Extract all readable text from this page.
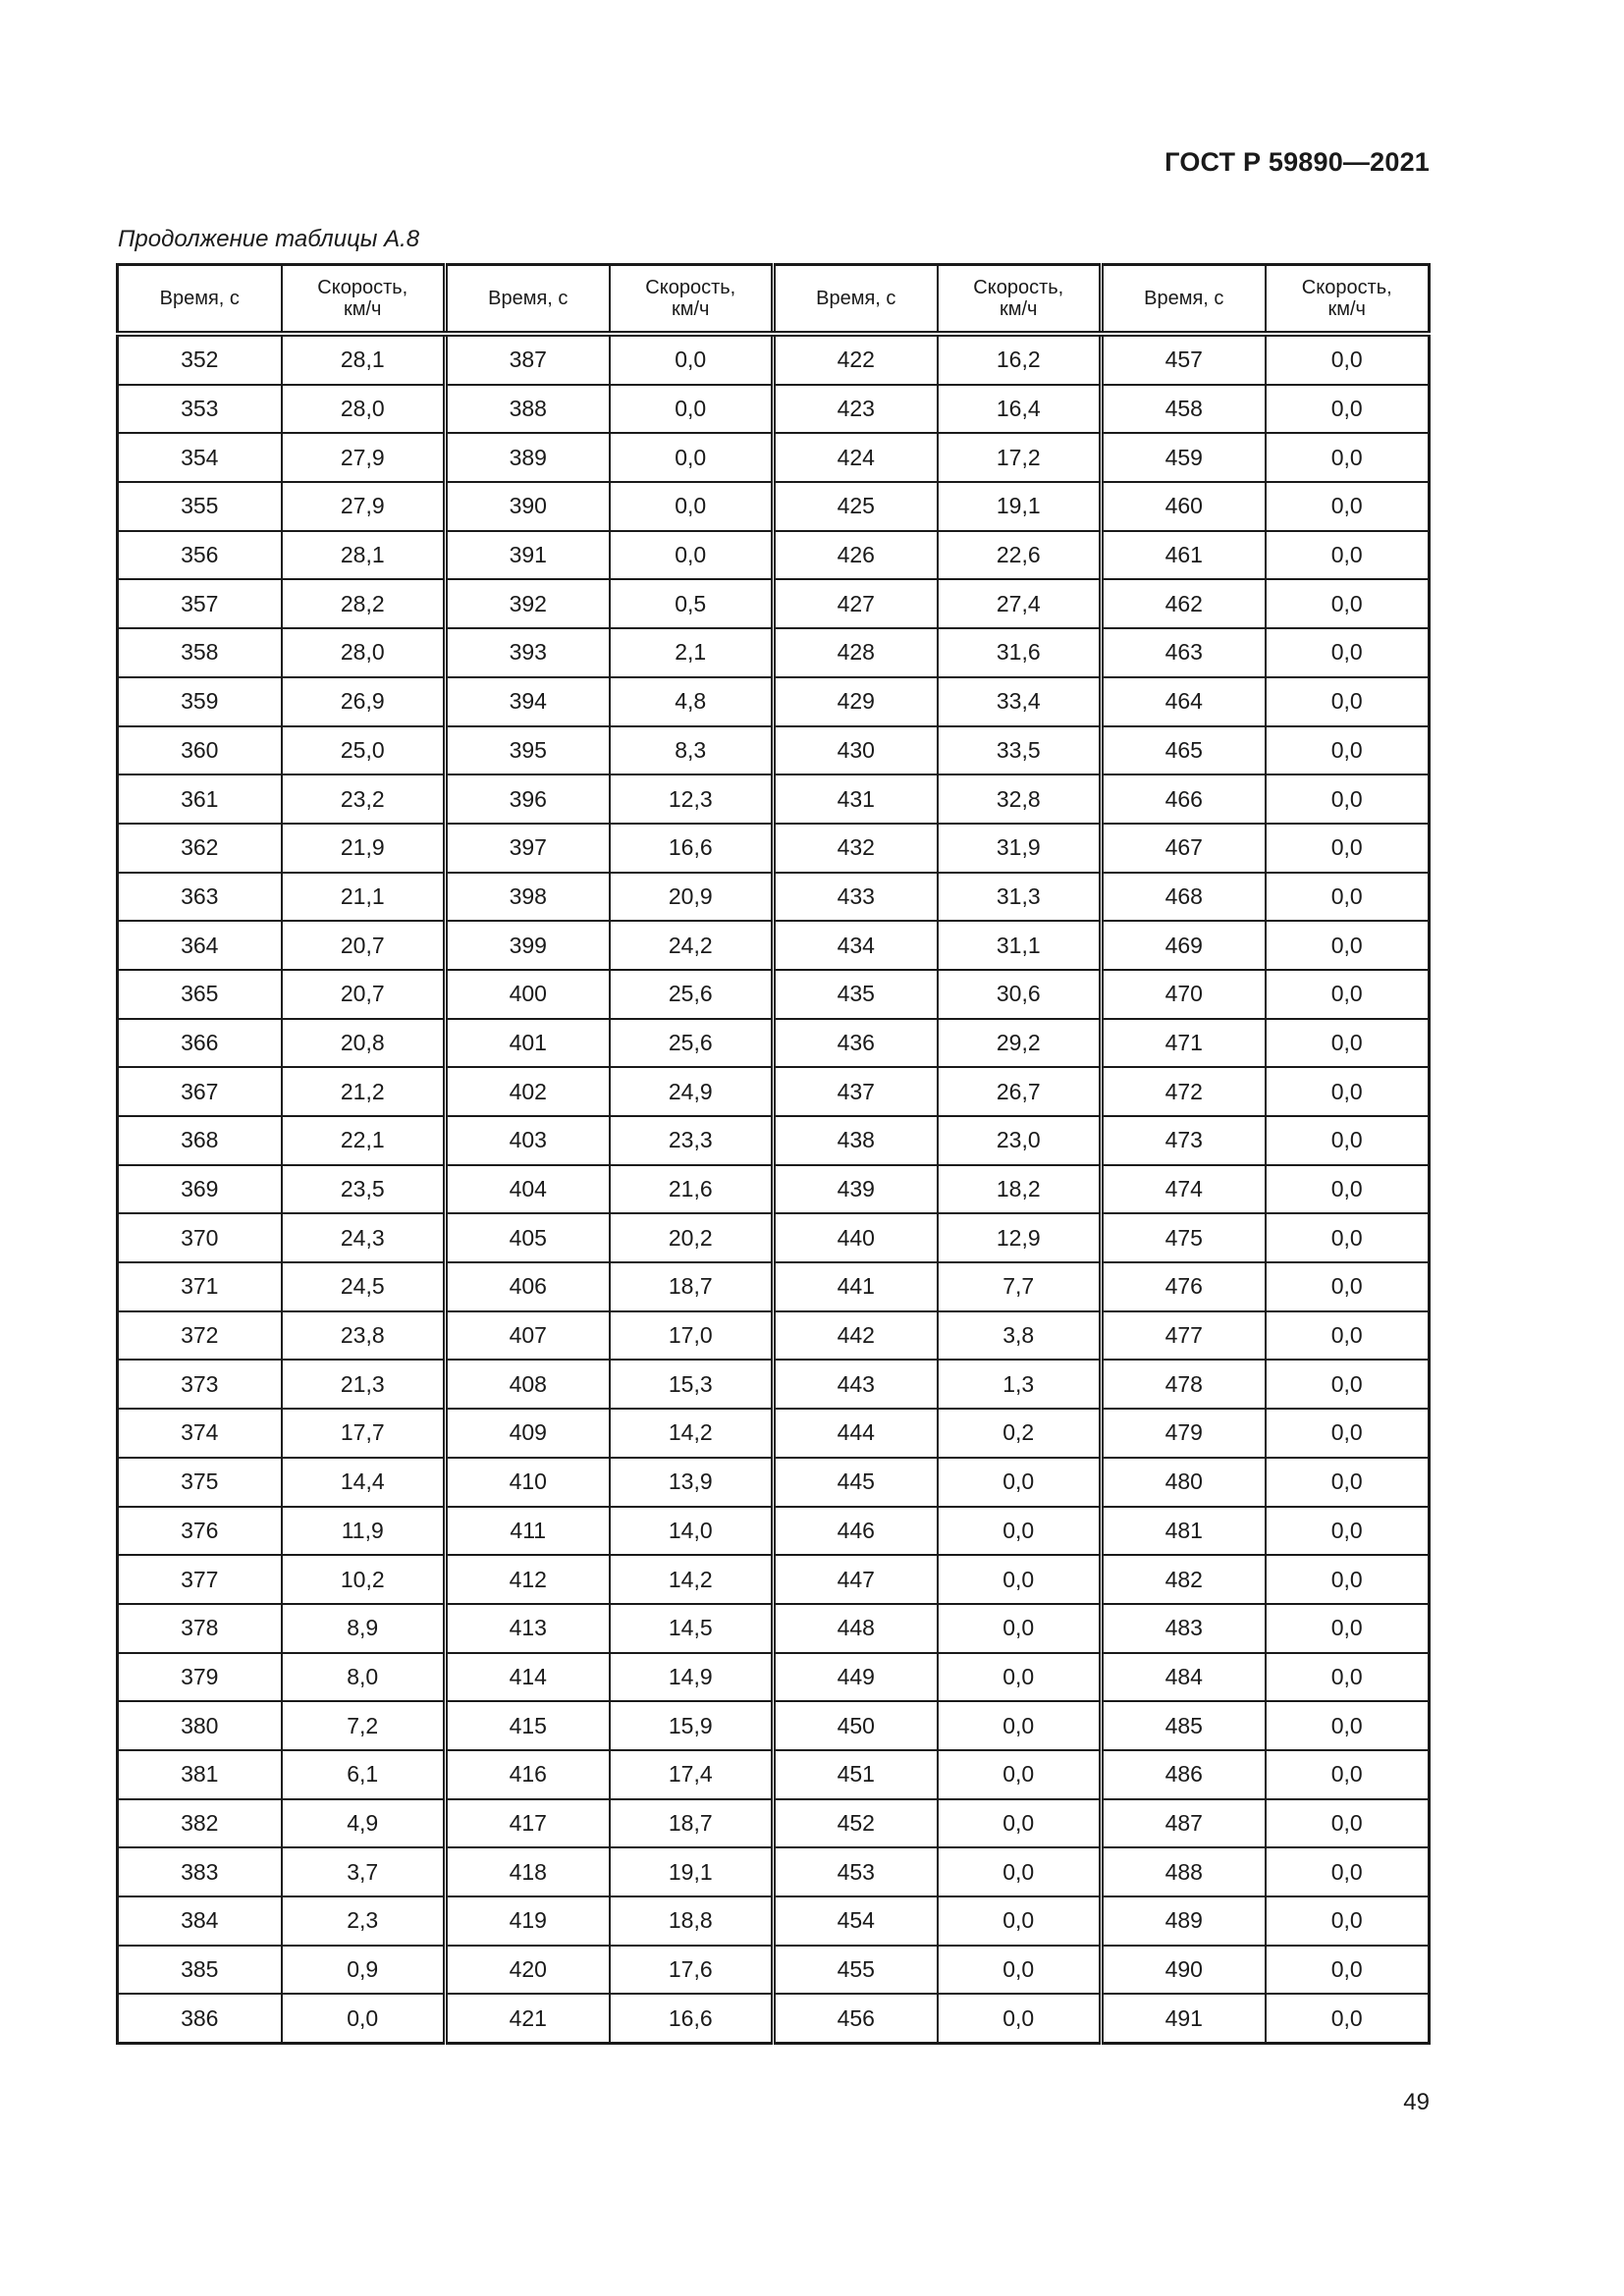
ГОСТ Р 59890—2021
Продолжение таблицы А.8
Время, с	Скорость,
км/ч	Время, с	Скорость,
км/ч	Время, с	Скорость,
км/ч	Время, с	Скорость,
км/ч
352	28,1	387	0,0	422	16,2	457	0,0
353	28,0	388	0,0	423	16,4	458	0,0
354	27,9	389	0,0	424	17,2	459	0,0
355	27,9	390	0,0	425	19,1	460	0,0
356	28,1	391	0,0	426	22,6	461	0,0
357	28,2	392	0,5	427	27,4	462	0,0
358	28,0	393	2,1	428	31,6	463	0,0
359	26,9	394	4,8	429	33,4	464	0,0
360	25,0	395	8,3	430	33,5	465	0,0
361	23,2	396	12,3	431	32,8	466	0,0
362	21,9	397	16,6	432	31,9	467	0,0
363	21,1	398	20,9	433	31,3	468	0,0
364	20,7	399	24,2	434	31,1	469	0,0
365	20,7	400	25,6	435	30,6	470	0,0
366	20,8	401	25,6	436	29,2	471	0,0
367	21,2	402	24,9	437	26,7	472	0,0
368	22,1	403	23,3	438	23,0	473	0,0
369	23,5	404	21,6	439	18,2	474	0,0
370	24,3	405	20,2	440	12,9	475	0,0
371	24,5	406	18,7	441	7,7	476	0,0
372	23,8	407	17,0	442	3,8	477	0,0
373	21,3	408	15,3	443	1,3	478	0,0
374	17,7	409	14,2	444	0,2	479	0,0
375	14,4	410	13,9	445	0,0	480	0,0
376	11,9	411	14,0	446	0,0	481	0,0
377	10,2	412	14,2	447	0,0	482	0,0
378	8,9	413	14,5	448	0,0	483	0,0
379	8,0	414	14,9	449	0,0	484	0,0
380	7,2	415	15,9	450	0,0	485	0,0
381	6,1	416	17,4	451	0,0	486	0,0
382	4,9	417	18,7	452	0,0	487	0,0
383	3,7	418	19,1	453	0,0	488	0,0
384	2,3	419	18,8	454	0,0	489	0,0
385	0,9	420	17,6	455	0,0	490	0,0
386	0,0	421	16,6	456	0,0	491	0,0
49
